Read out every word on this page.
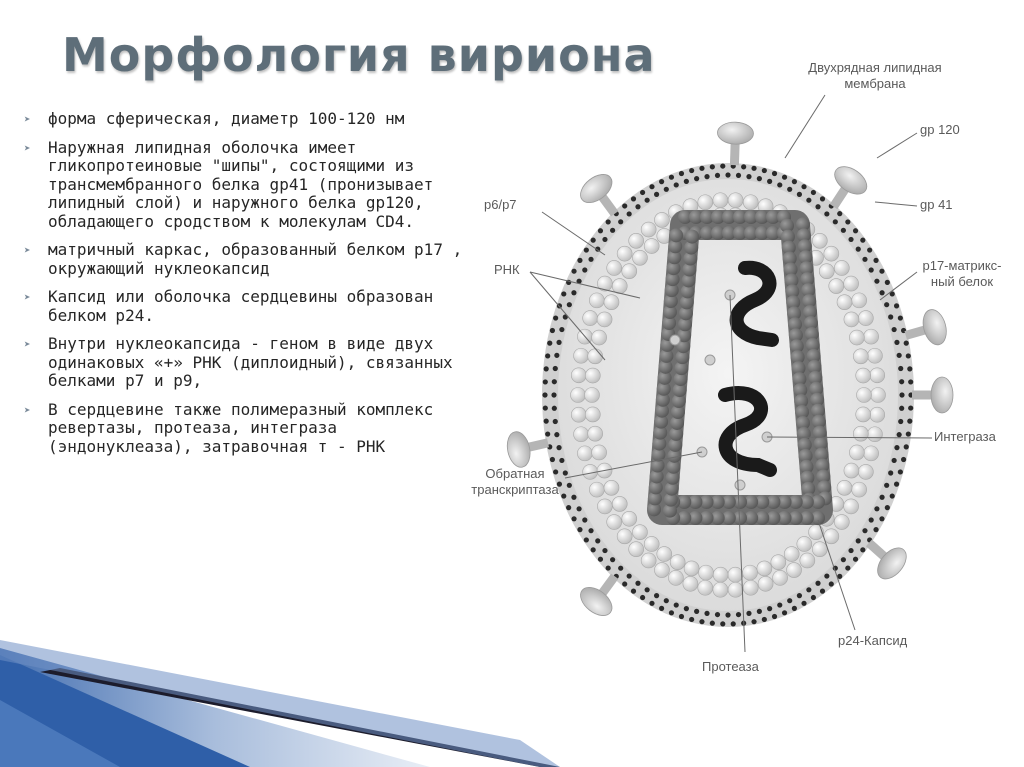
Морфология вириона
➤ форма сферическая, диаметр 100-120 нм
➤ Наружная липидная оболочка имеет гликопротеиновые "шипы", состоящими из трансмембранного белка gp41 (пронизывает липидный слой) и наружного белка gp120, обладающего сродством к молекулам CD4.
➤ матричный каркас, образованный белком p17 , окружающий нуклеокапсид
➤ Капсид или оболочка сердцевины образован белком р24.
➤ Внутри нуклеокапсида - геном в виде двух одинаковых «+» РНК (диплоидный), связанных белками р7 и р9,
➤ В сердцевине также полимеразный комплекс ревертазы, протеаза, интеграза (эндонуклеаза), затравочная т - РНК
Двухрядная липидная мембрана
gp 120
gp 41
p6/p7
РНК	p17-матрикс-ный белок
Обратная транскриптаза
Интеграза
p24-Капсид
Протеаза
